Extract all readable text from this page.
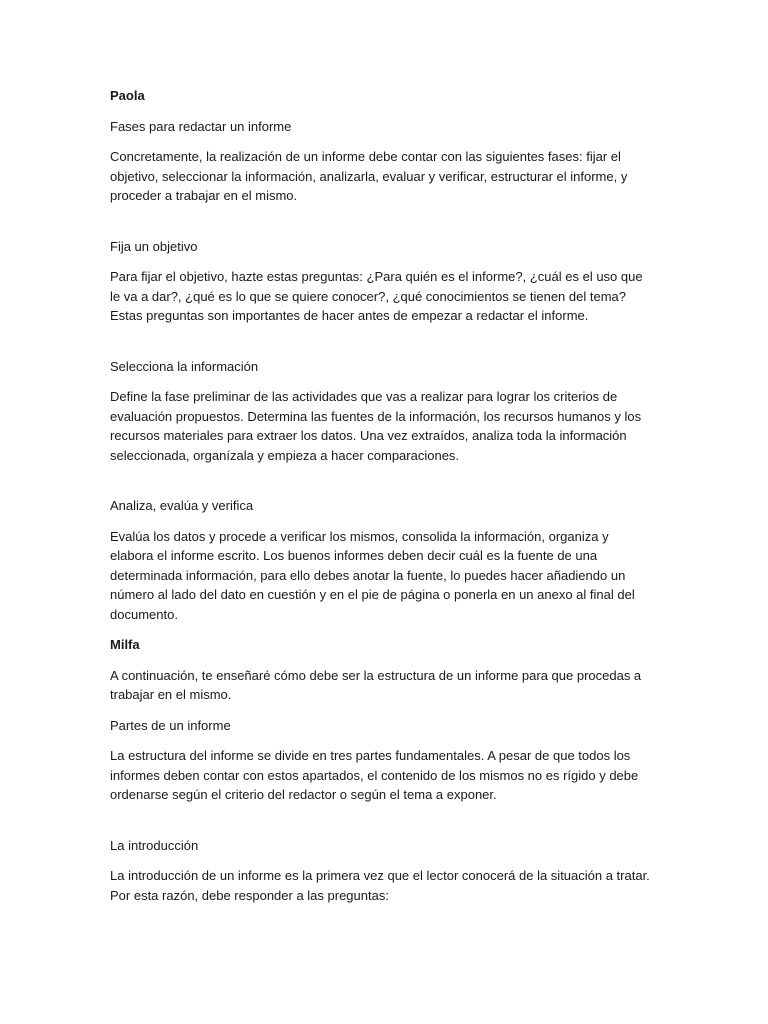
Paola

Fases para redactar un informe

Concretamente, la realización de un informe debe contar con las siguientes fases: fijar el objetivo, seleccionar la información, analizarla, evaluar y verificar, estructurar el informe, y proceder a trabajar en el mismo.

Fija un objetivo

Para fijar el objetivo, hazte estas preguntas: ¿Para quién es el informe?, ¿cuál es el uso que le va a dar?, ¿qué es lo que se quiere conocer?, ¿qué conocimientos se tienen del tema? Estas preguntas son importantes de hacer antes de empezar a redactar el informe.

Selecciona la información

Define la fase preliminar de las actividades que vas a realizar para lograr los criterios de evaluación propuestos. Determina las fuentes de la información, los recursos humanos y los recursos materiales para extraer los datos. Una vez extraídos, analiza toda la información seleccionada, organízala y empieza a hacer comparaciones.

Analiza, evalúa y verifica

Evalúa los datos y procede a verificar los mismos, consolida la información, organiza y elabora el informe escrito. Los buenos informes deben decir cuál es la fuente de una determinada información, para ello debes anotar la fuente, lo puedes hacer añadiendo un número al lado del dato en cuestión y en el pie de página o ponerla en un anexo al final del documento.

Milfa

A continuación, te enseñaré cómo debe ser la estructura de un informe para que procedas a trabajar en el mismo.

Partes de un informe

La estructura del informe se divide en tres partes fundamentales. A pesar de que todos los informes deben contar con estos apartados, el contenido de los mismos no es rígido y debe ordenarse según el criterio del redactor o según el tema a exponer.

La introducción

La introducción de un informe es la primera vez que el lector conocerá de la situación a tratar. Por esta razón, debe responder a las preguntas:
